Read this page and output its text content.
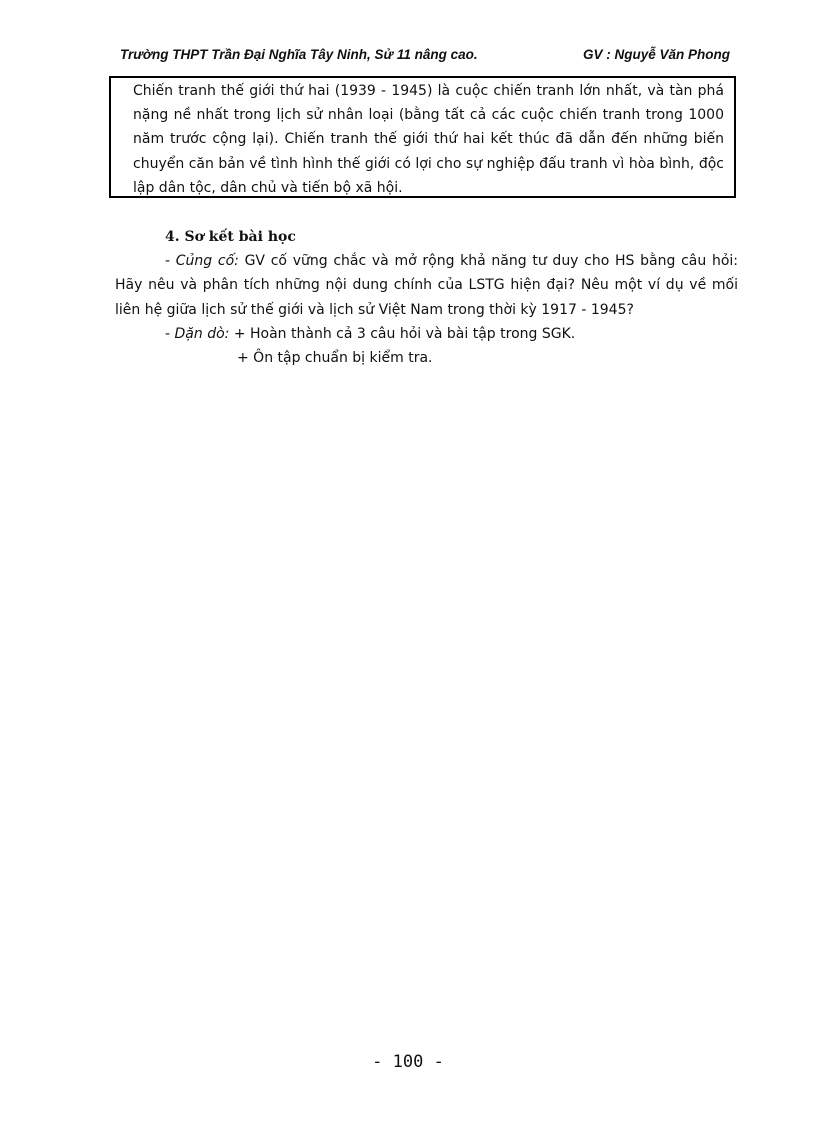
Trường THPT Trần Đại Nghĩa Tây Ninh, Sử 11 nâng cao.	GV : Nguyễ Văn Phong
Chiến tranh thế giới thứ hai (1939 - 1945) là cuộc chiến tranh lớn nhất, và tàn phá nặng nề nhất trong lịch sử nhân loại (bằng tất cả các cuộc chiến tranh trong 1000 năm trước cộng lại). Chiến tranh thế giới thứ hai kết thúc đã dẫn đến những biến chuyển căn bản về tình hình thế giới có lợi cho sự nghiệp đấu tranh vì hòa bình, độc lập dân tộc, dân chủ và tiến bộ xã hội.

4. Sơ kết bài học

- Củng cố: GV cố vững chắc và mở rộng khả năng tư duy cho HS bằng câu hỏi: Hãy nêu và phân tích những nội dung chính của LSTG hiện đại? Nêu một ví dụ về mối liên hệ giữa lịch sử thế giới và lịch sử Việt Nam trong thời kỳ 1917 - 1945?

- Dặn dò: + Hoàn thành cả 3 câu hỏi và bài tập trong SGK.

+ Ôn tập chuẩn bị kiểm tra.

- 100 -
